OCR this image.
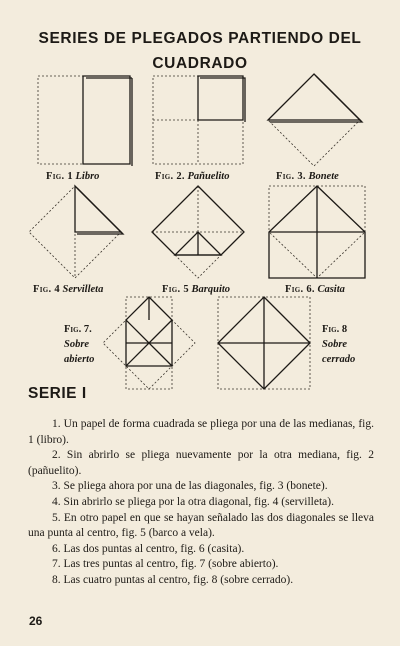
SERIES DE PLEGADOS PARTIENDO DEL
CUADRADO
Fig. 1 Libro	Fig. 2. Pañuelito	Fig. 3. Bonete
Fig. 4 Servilleta	Fig. 5 Barquito	Fig. 6. Casita
Fig. 7.
Sobre
abierto
Fig. 8
Sobre
cerrado
SERIE I

1. Un papel de forma cuadrada se pliega por una de las medianas, fig. 1 (libro).

2. Sin abrirlo se pliega nuevamente por la otra mediana, fig. 2 (pañuelito).

3. Se pliega ahora por una de las diagonales, fig. 3 (bonete).

4. Sin abrirlo se pliega por la otra diagonal, fig. 4 (servilleta).

5. En otro papel en que se hayan señalado las dos diagonales se lleva una punta al centro, fig. 5 (barco a vela).

6. Las dos puntas al centro, fig. 6 (casita).

7. Las tres puntas al centro, fig. 7 (sobre abierto).

8. Las cuatro puntas al centro, fig. 8 (sobre cerrado).

26
